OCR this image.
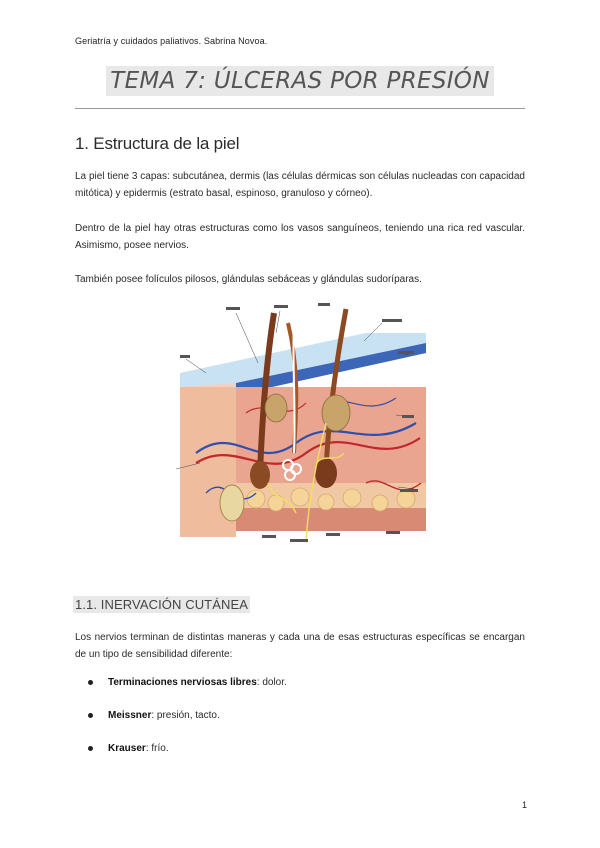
Geriatría y cuidados paliativos. Sabrina Novoa.
TEMA 7: ÚLCERAS POR PRESIÓN
1. Estructura de la piel

La piel tiene 3 capas: subcutánea, dermis (las células dérmicas son células nucleadas con capacidad mitótica) y epidermis (estrato basal, espinoso, granuloso y córneo).

Dentro de la piel hay otras estructuras como los vasos sanguíneos, teniendo una rica red vascular. Asimismo, posee nervios.

También posee folículos pilosos, glándulas sebáceas y glándulas sudoríparas.

1.1. INERVACIÓN CUTÁNEA

Los nervios terminan de distintas maneras y cada una de esas estructuras específicas se encargan de un tipo de sensibilidad diferente:

Terminaciones nerviosas libres: dolor.
Meissner: presión, tacto.
Krauser: frío.
1
